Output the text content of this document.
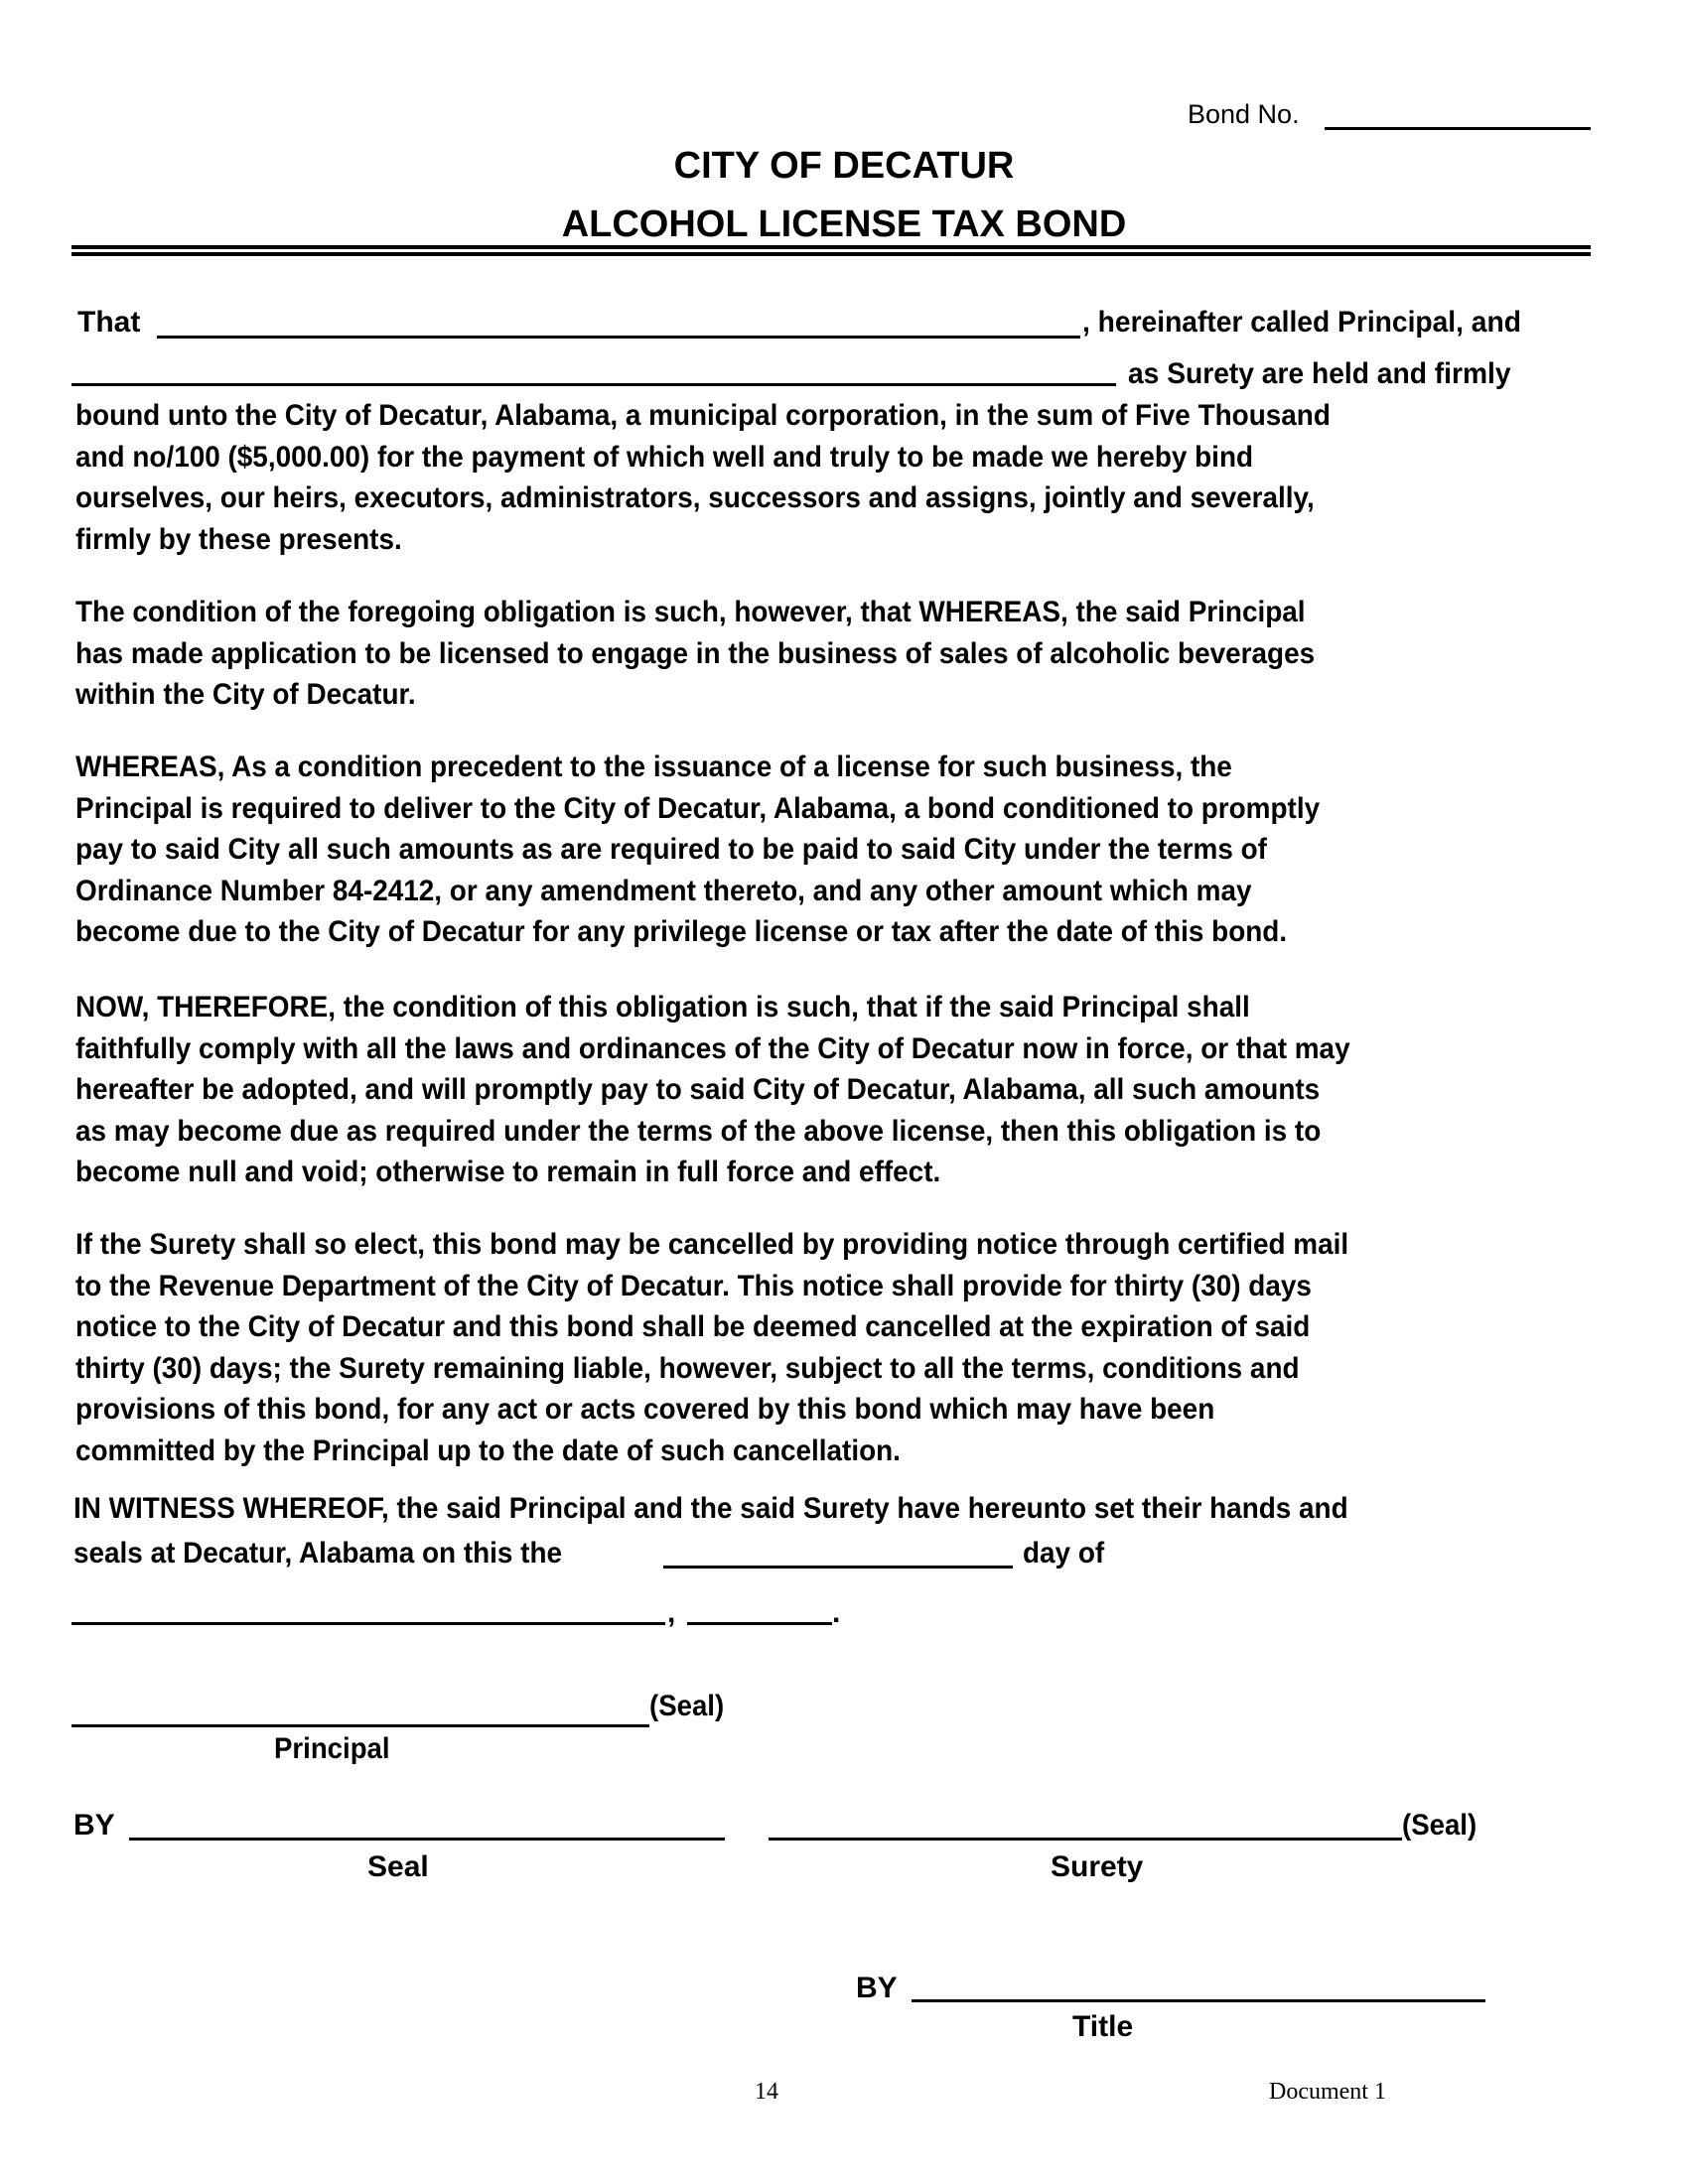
Bond No.
CITY OF DECATUR
ALCOHOL LICENSE TAX BOND
That	, hereinafter called Principal, and
as Surety are held and firmly

bound unto the City of Decatur, Alabama, a municipal corporation, in the sum of Five Thousand

and no/100 ($5,000.00) for the payment of which well and truly to be made we hereby bind

ourselves, our heirs, executors, administrators, successors and assigns, jointly and severally,

firmly by these presents.

The condition of the foregoing obligation is such, however, that WHEREAS, the said Principal

has made application to be licensed to engage in the business of sales of alcoholic beverages

within the City of Decatur.

WHEREAS, As a condition precedent to the issuance of a license for such business, the

Principal is required to deliver to the City of Decatur, Alabama, a bond conditioned to promptly

pay to said City all such amounts as are required to be paid to said City under the terms of

Ordinance Number 84-2412, or any amendment thereto, and any other amount which may

become due to the City of Decatur for any privilege license or tax after the date of this bond.

NOW, THEREFORE, the condition of this obligation is such, that if the said Principal shall

faithfully comply with all the laws and ordinances of the City of Decatur now in force, or that may

hereafter be adopted, and will promptly pay to said City of Decatur, Alabama, all such amounts

as may become due as required under the terms of the above license, then this obligation is to

become null and void; otherwise to remain in full force and effect.

If the Surety shall so elect, this bond may be cancelled by providing notice through certified mail

to the Revenue Department of the City of Decatur. This notice shall provide for thirty (30) days

notice to the City of Decatur and this bond shall be deemed cancelled at the expiration of said

thirty (30) days; the Surety remaining liable, however, subject to all the terms, conditions and

provisions of this bond, for any act or acts covered by this bond which may have been

committed by the Principal up to the date of such cancellation.

IN WITNESS WHEREOF, the said Principal and the said Surety have hereunto set their hands and
seals at Decatur, Alabama on this the	day of
,	.
(Seal)
Principal
BY
Seal
(Seal)
Surety
BY
Title
14	Document 1
